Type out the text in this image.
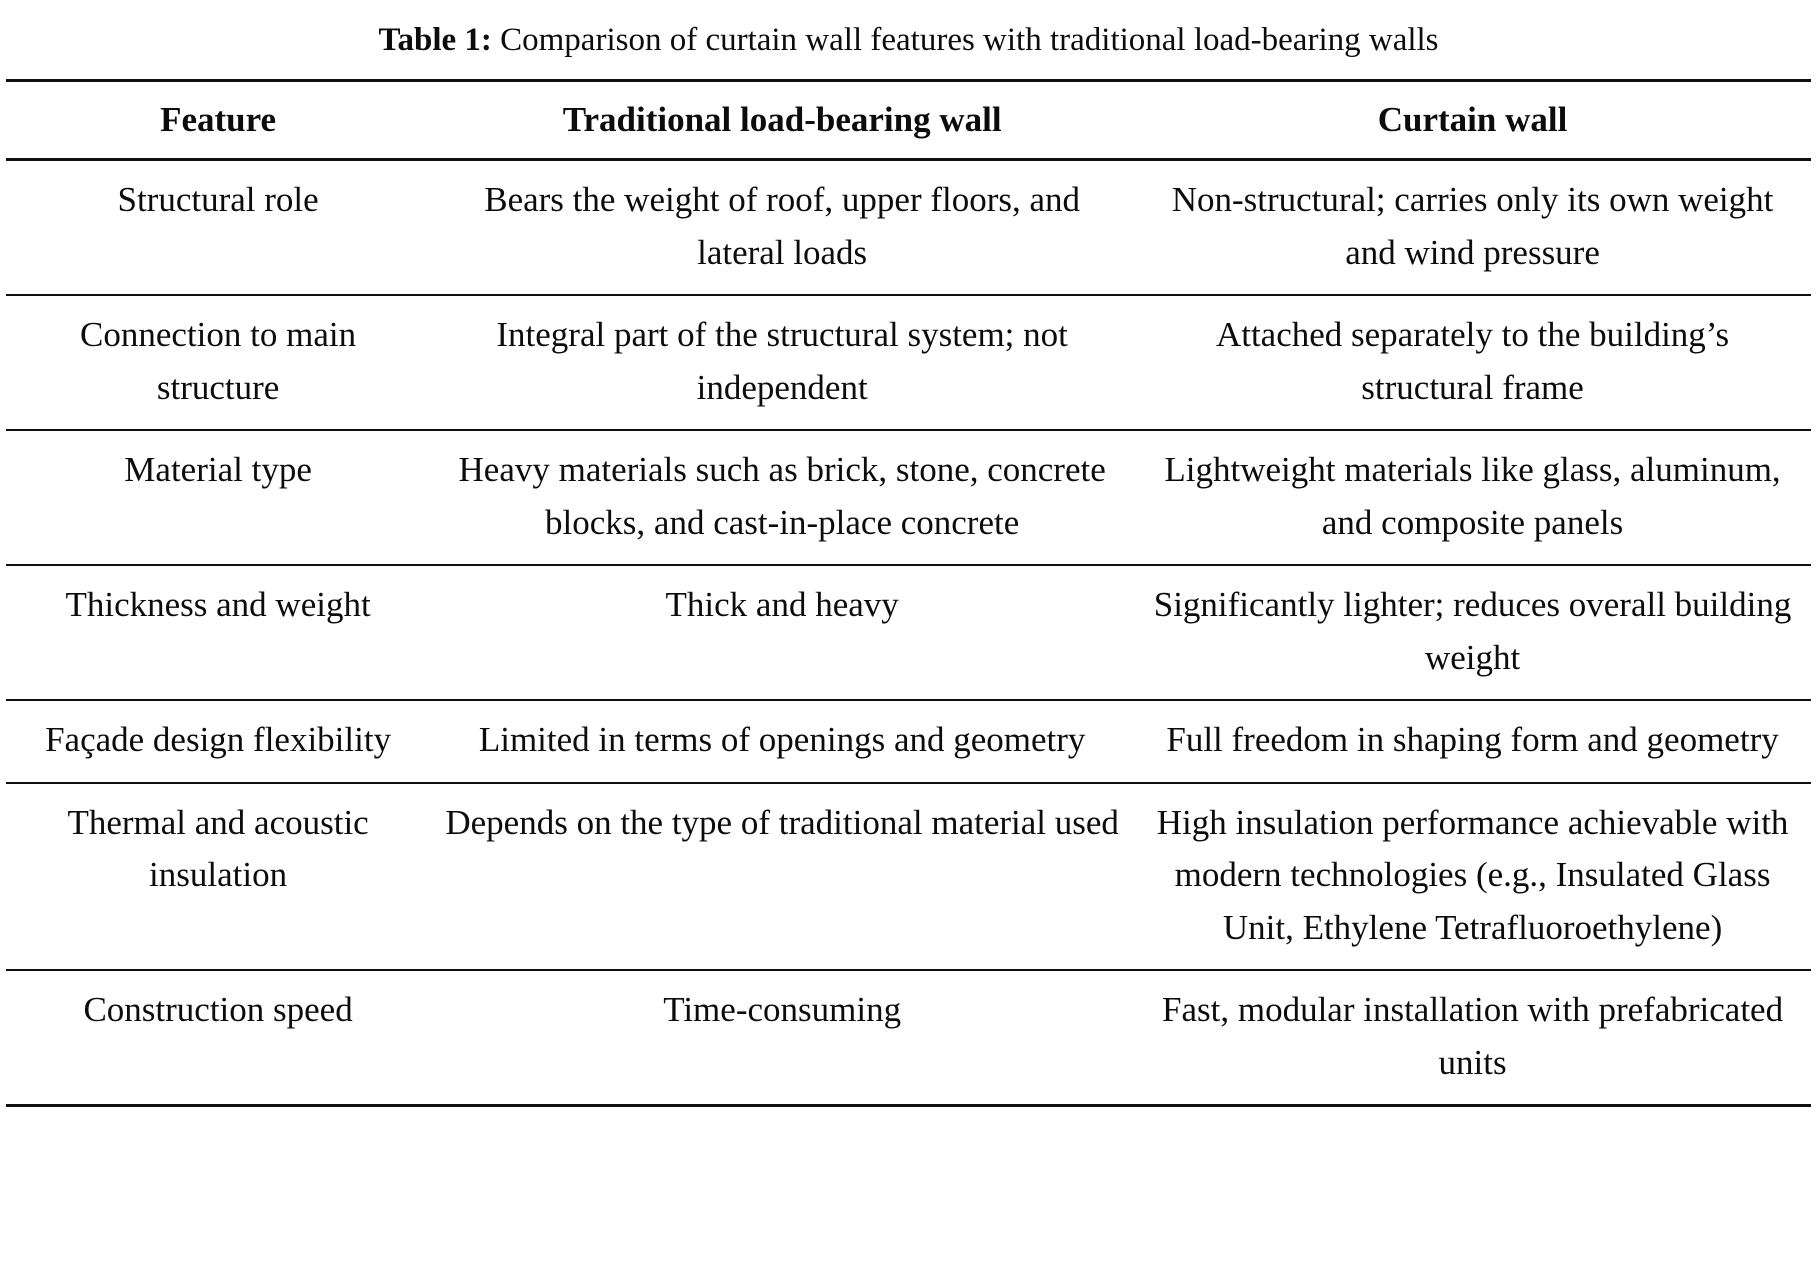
Table 1: Comparison of curtain wall features with traditional load-bearing walls
Feature	Traditional load-bearing wall	Curtain wall
Structural role	Bears the weight of roof, upper floors, and lateral loads	Non-structural; carries only its own weight and wind pressure
Connection to main structure	Integral part of the structural system; not independent	Attached separately to the building’s structural frame
Material type	Heavy materials such as brick, stone, concrete blocks, and cast-in-place concrete	Lightweight materials like glass, aluminum, and composite panels
Thickness and weight	Thick and heavy	Significantly lighter; reduces overall building weight
Façade design flexibility	Limited in terms of openings and geometry	Full freedom in shaping form and geometry
Thermal and acoustic insulation	Depends on the type of traditional material used	High insulation performance achievable with modern technologies (e.g., Insulated Glass Unit, Ethylene Tetrafluoroethylene)
Construction speed	Time-consuming	Fast, modular installation with prefabricated units
